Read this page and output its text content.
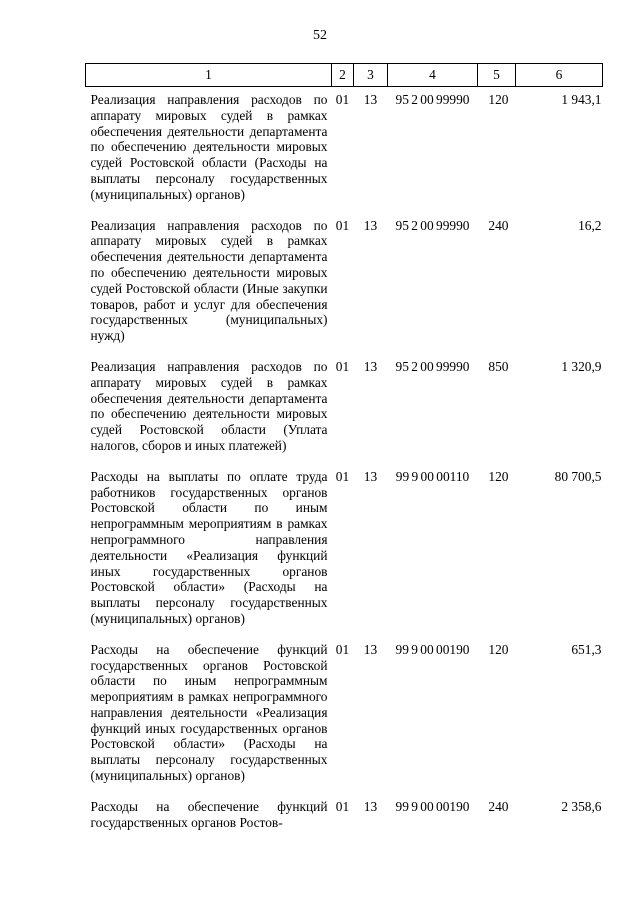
52
1	2	3	4	5	6
Реализация направления расходов по аппарату мировых судей в рамках обеспечения деятельности департамента по обеспечению деятельности мировых судей Ростовской области (Расходы на выплаты персоналу государственных (муниципальных) органов)	01	13	95 2 00 99990	120	1 943,1
Реализация направления расходов по аппарату мировых судей в рамках обеспечения деятельности департамента по обеспечению деятельности мировых судей Ростовской области (Иные закупки товаров, работ и услуг для обеспечения государственных (муниципальных) нужд)	01	13	95 2 00 99990	240	16,2
Реализация направления расходов по аппарату мировых судей в рамках обеспечения деятельности департамента по обеспечению деятельности мировых судей Ростовской области (Уплата налогов, сборов и иных платежей)	01	13	95 2 00 99990	850	1 320,9
Расходы на выплаты по оплате труда работников государственных органов Ростовской области по иным непрограммным мероприятиям в рамках непрограммного направления деятельности «Реализация функций иных государственных органов Ростовской области» (Расходы на выплаты персоналу государственных (муниципальных) органов)	01	13	99 9 00 00110	120	80 700,5
Расходы на обеспечение функций государственных органов Ростовской области по иным непрограммным мероприятиям в рамках непрограммного направления деятельности «Реализация функций иных государственных органов Ростовской области» (Расходы на выплаты персоналу государственных (муниципальных) органов)	01	13	99 9 00 00190	120	651,3
Расходы на обеспечение функций государственных органов Ростов-	01	13	99 9 00 00190	240	2 358,6
